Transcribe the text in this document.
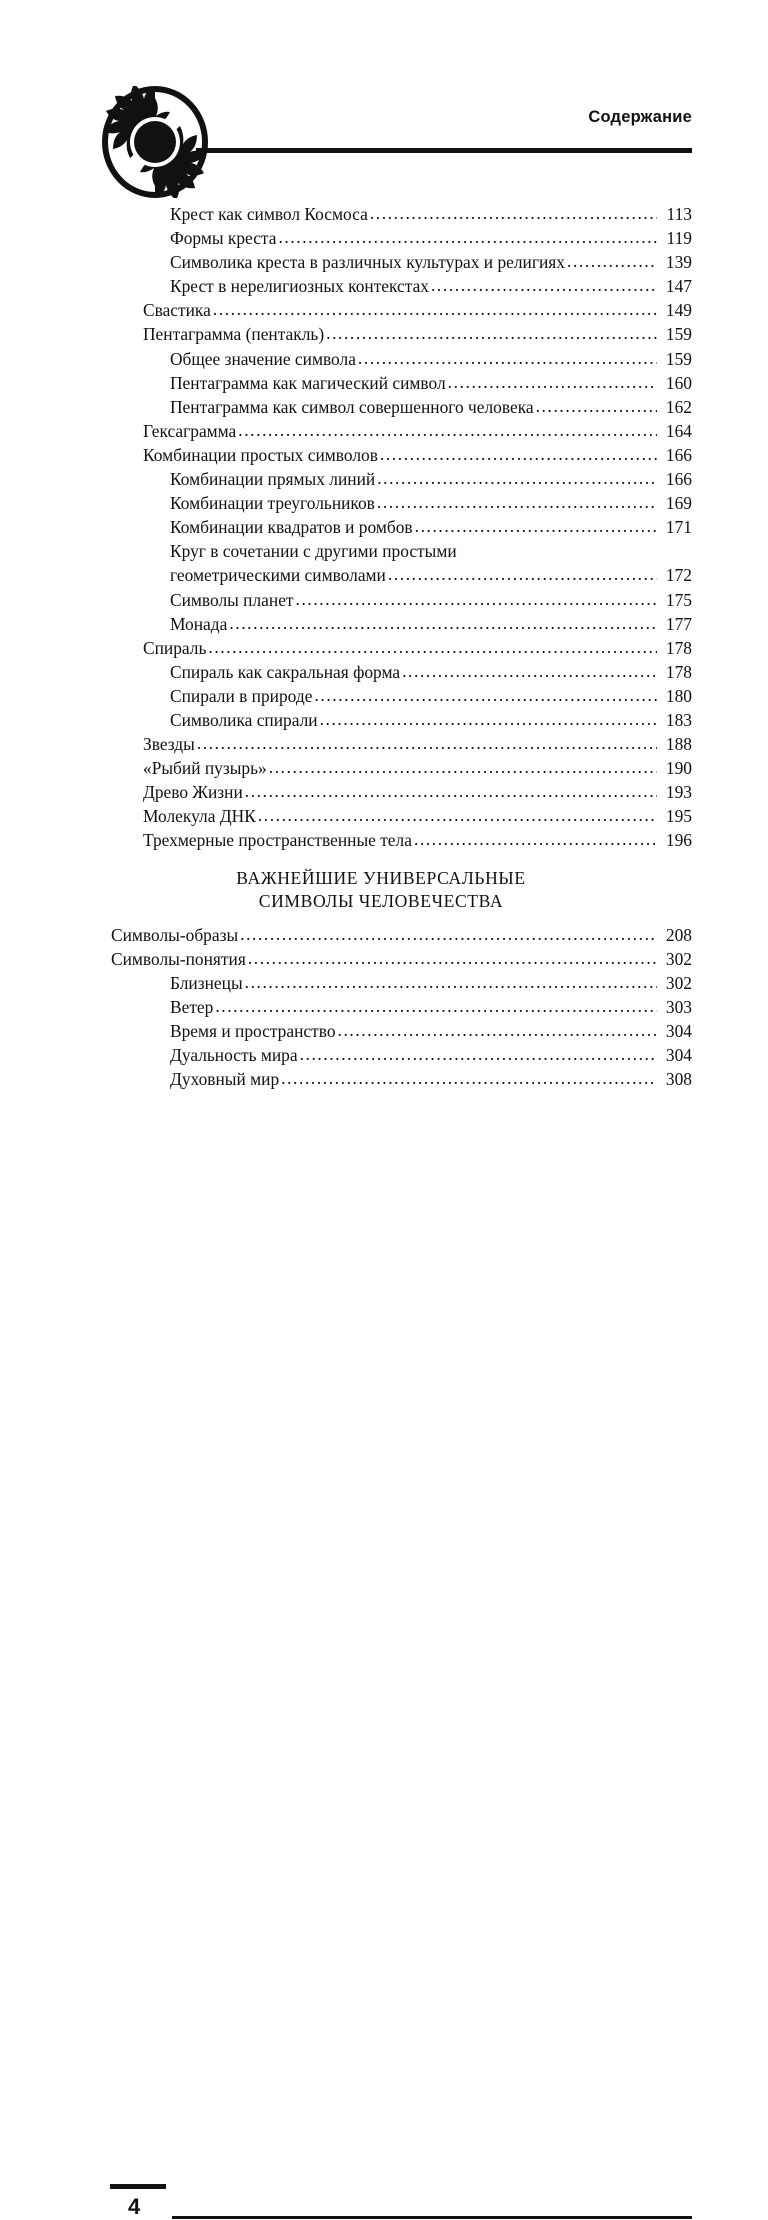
Содержание
Крест как символ Космоса .....	113
Формы креста .....	119
Символика креста в различных культурах и религиях .....	139
Крест в нерелигиозных контекстах .....	147
Свастика .....	149
Пентаграмма (пентакль) .....	159
Общее значение символа .....	159
Пентаграмма как магический символ .....	160
Пентаграмма как символ совершенного человека .....	162
Гексаграмма .....	164
Комбинации простых символов .....	166
Комбинации прямых линий .....	166
Комбинации треугольников .....	169
Комбинации квадратов и ромбов .....	171
Круг в сочетании с другими простыми
геометрическими символами .....	172
Символы планет .....	175
Монада .....	177
Спираль .....	178
Спираль как сакральная форма .....	178
Спирали в природе .....	180
Символика спирали .....	183
Звезды .....	188
«Рыбий пузырь» .....	190
Древо Жизни .....	193
Молекула ДНК .....	195
Трехмерные пространственные тела .....	196
ВАЖНЕЙШИЕ УНИВЕРСАЛЬНЫЕ
СИМВОЛЫ ЧЕЛОВЕЧЕСТВА
Символы-образы .....	208
Символы-понятия .....	302
Близнецы .....	302
Ветер .....	303
Время и пространство .....	304
Дуальность мира .....	304
Духовный мир .....	308
4
